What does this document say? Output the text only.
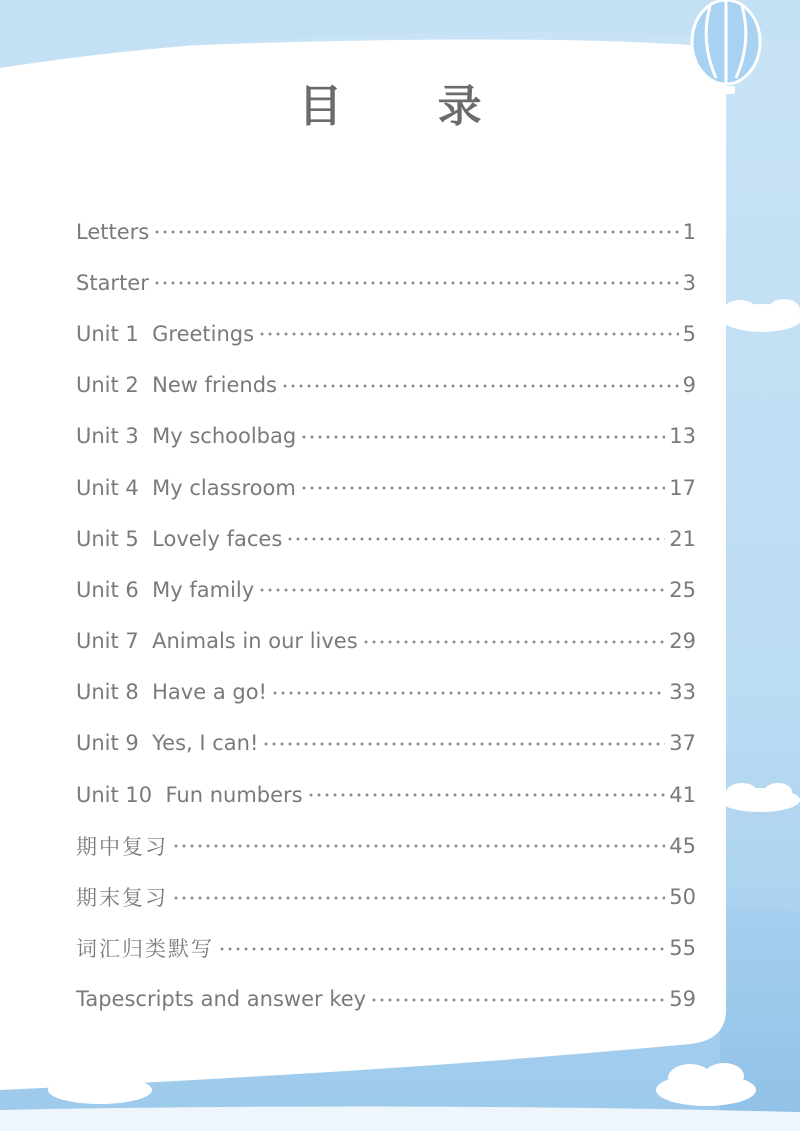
目 录
Letters	1
Starter	3
Unit 1  Greetings	5
Unit 2  New friends	9
Unit 3  My schoolbag	13
Unit 4  My classroom	17
Unit 5  Lovely faces	21
Unit 6  My family	25
Unit 7  Animals in our lives	29
Unit 8  Have a go!	33
Unit 9  Yes, I can!	37
Unit 10  Fun numbers	41
期中复习	45
期末复习	50
词汇归类默写	55
Tapescripts and answer key	59
